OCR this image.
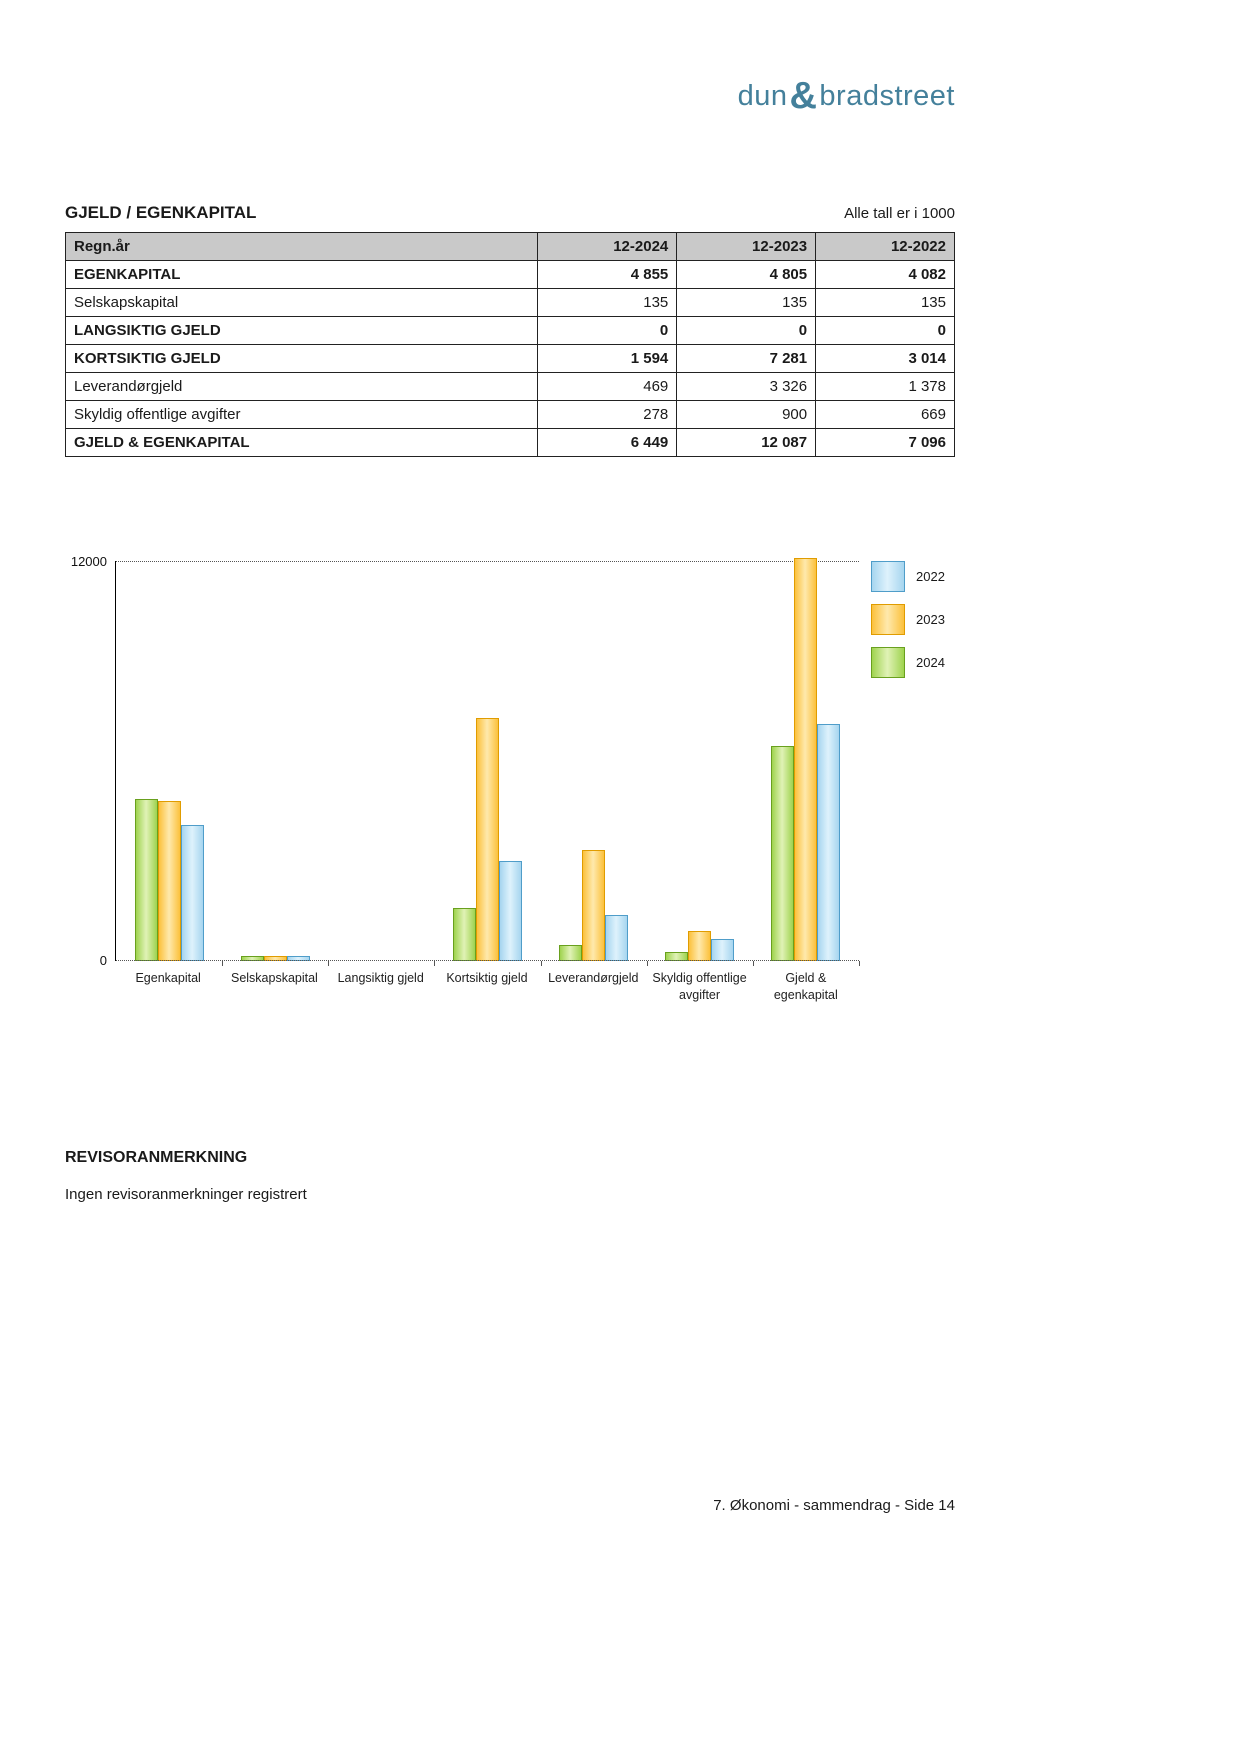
dun&bradstreet
GJELD / EGENKAPITAL	Alle tall er i 1000
Regn.år	12-2024	12-2023	12-2022
EGENKAPITAL	4 855	4 805	4 082
Selskapskapital	135	135	135
LANGSIKTIG GJELD	0	0	0
KORTSIKTIG GJELD	1 594	7 281	3 014
Leverandørgjeld	469	3 326	1 378
Skyldig offentlige avgifter	278	900	669
GJELD & EGENKAPITAL	6 449	12 087	7 096
12000
0
Egenkapital	Selskapskapital	Langsiktig gjeld	Kortsiktig gjeld	Leverandørgjeld	Skyldig offentlige avgifter
Gjeld & egenkapital
2022
2023
2024
REVISORANMERKNING
Ingen revisoranmerkninger registrert
7. Økonomi - sammendrag - Side 14
